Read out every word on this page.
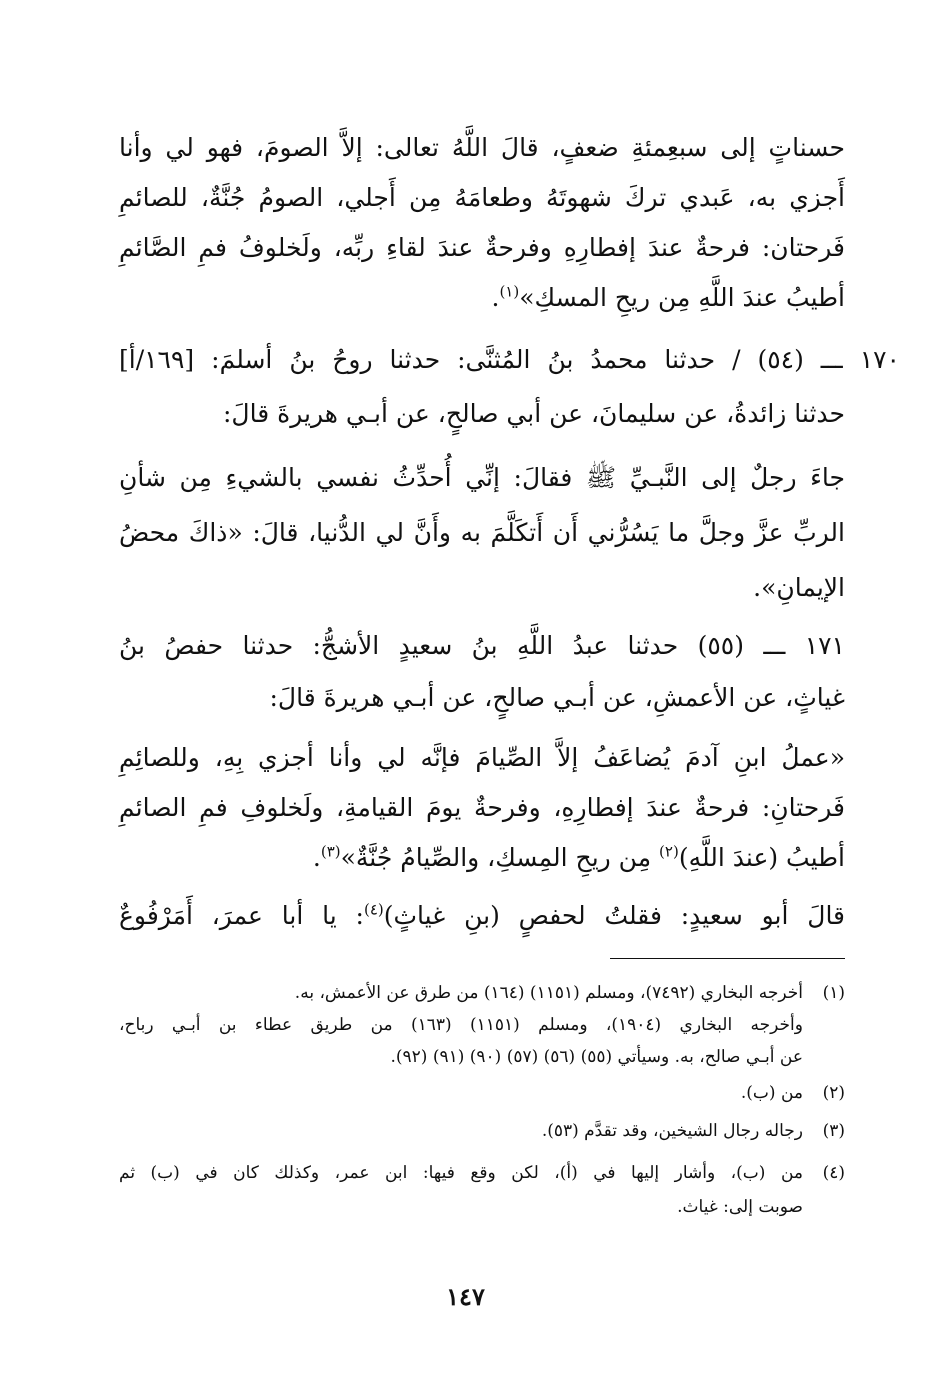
حسناتٍ إلى سبعِمئةِ ضعفٍ، قالَ اللَّهُ تعالى: إلاَّ الصومَ، فهو لي وأنا
أَجزي به، عَبدي تركَ شهوتَهُ وطعامَهُ مِن أَجلي، الصومُ جُنَّةٌ، للصائمِ
فَرحتان: فرحةٌ عندَ إفطارِهِ وفرحةٌ عندَ لقاءِ ربِّه، ولَخلوفُ فمِ الصَّائمِ
أطيبُ عندَ اللَّهِ مِن ريحِ المسكِ»$^{(١)}$.
١٧٠ ـــ (٥٤) / حدثنا محمدُ بنُ المُثنَّى: حدثنا روحُ بنُ أسلمَ: [١٦٩/أ]
حدثنا زائدةُ، عن سليمانَ، عن أبي صالحٍ، عن أبـي هريرةَ قالَ:
جاءَ رجلٌ إلى النَّبـيِّ ﷺ فقالَ: إنِّي أُحدِّثُ نفسي بالشيءِ مِن شأنِ
الربِّ عزَّ وجلَّ ما يَسُرُّني أَن أَتكَلَّمَ به وأَنَّ لي الدُّنيا، قالَ: «ذاكَ محضُ
الإيمانِ».
١٧١ ـــ (٥٥) حدثنا عبدُ اللَّهِ بنُ سعيدٍ الأشجُّ: حدثنا حفصُ بنُ
غياثٍ، عن الأعمشِ، عن أبـي صالحٍ، عن أبـي هريرةَ قالَ:
«عملُ ابنِ آدمَ يُضاعَفُ إلاَّ الصِّيامَ فإنَّه لي وأنا أجزي بِهِ، وللصائِمِ
فَرحتانِ: فرحةٌ عندَ إفطارِهِ، وفرحةٌ يومَ القيامةِ، ولَخلوفِ فمِ الصائمِ
أطيبُ (عندَ اللَّهِ)$^{(٢)}$ مِن ريحِ المِسكِ، والصِّيامُ جُنَّةٌ»$^{(٣)}$.
قالَ أبو سعيدٍ: فقلتُ لحفصٍ (بنِ غياثٍ)$^{(٤)}$: يا أبا عمرَ، أَمَرْفُوعٌ
(١)
أخرجه البخاري (٧٤٩٢)، ومسلم (١١٥١) (١٦٤) من طرق عن الأعمش، به.
وأخرجه البخاري (١٩٠٤)، ومسلم (١١٥١) (١٦٣) من طريق عطاء بن أبـي رباح،
عن أبـي صالح، به. وسيأتي (٥٥) (٥٦) (٥٧) (٩٠) (٩١) (٩٢).
(٢)
من (ب).
(٣)
رجاله رجال الشيخين، وقد تقدَّم (٥٣).
(٤)
من (ب)، وأشار إليها في (أ)، لكن وقع فيها: ابن عمر، وكذلك كان في (ب) ثم
صوبت إلى: غياث.
١٤٧
